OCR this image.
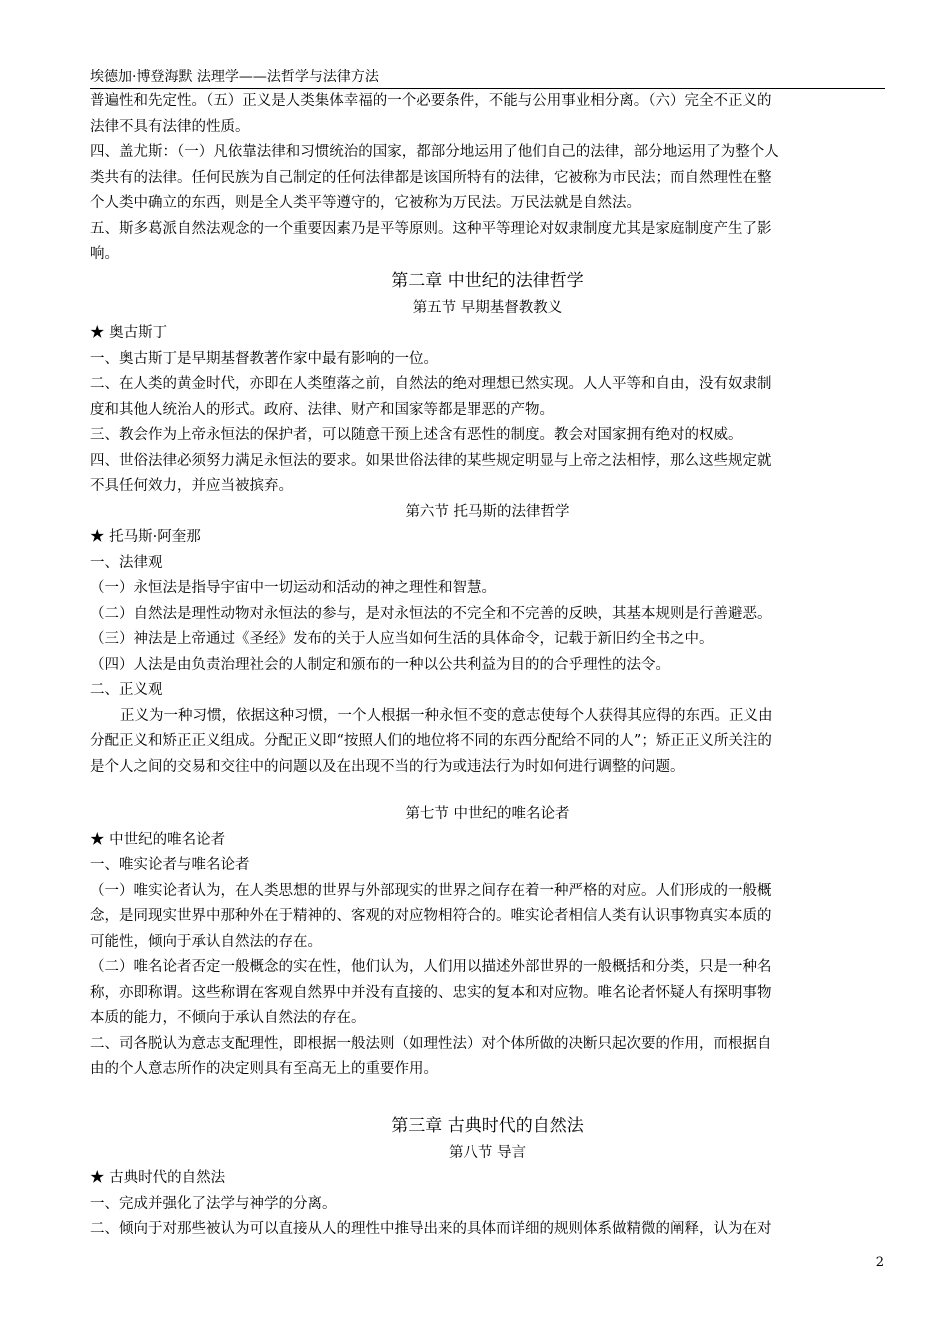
埃德加·博登海默 法理学——法哲学与法律方法
普遍性和先定性。（五）正义是人类集体幸福的一个必要条件，不能与公用事业相分离。（六）完全不正义的
法律不具有法律的性质。
四、盖尤斯：（一）凡依靠法律和习惯统治的国家，都部分地运用了他们自己的法律，部分地运用了为整个人
类共有的法律。任何民族为自己制定的任何法律都是该国所特有的法律，它被称为市民法；而自然理性在整
个人类中确立的东西，则是全人类平等遵守的，它被称为万民法。万民法就是自然法。
五、斯多葛派自然法观念的一个重要因素乃是平等原则。这种平等理论对奴隶制度尤其是家庭制度产生了影
响。
第二章 中世纪的法律哲学
第五节 早期基督教教义
★ 奥古斯丁
一、奥古斯丁是早期基督教著作家中最有影响的一位。
二、在人类的黄金时代，亦即在人类堕落之前，自然法的绝对理想已然实现。人人平等和自由，没有奴隶制
度和其他人统治人的形式。政府、法律、财产和国家等都是罪恶的产物。
三、教会作为上帝永恒法的保护者，可以随意干预上述含有恶性的制度。教会对国家拥有绝对的权威。
四、世俗法律必须努力满足永恒法的要求。如果世俗法律的某些规定明显与上帝之法相悖，那么这些规定就
不具任何效力，并应当被摈弃。
第六节 托马斯的法律哲学
★ 托马斯·阿奎那
一、法律观
（一）永恒法是指导宇宙中一切运动和活动的神之理性和智慧。
（二）自然法是理性动物对永恒法的参与，是对永恒法的不完全和不完善的反映，其基本规则是行善避恶。
（三）神法是上帝通过《圣经》发布的关于人应当如何生活的具体命令，记载于新旧约全书之中。
（四）人法是由负责治理社会的人制定和颁布的一种以公共利益为目的的合乎理性的法令。
二、正义观
正义为一种习惯，依据这种习惯，一个人根据一种永恒不变的意志使每个人获得其应得的东西。正义由
分配正义和矫正正义组成。分配正义即“按照人们的地位将不同的东西分配给不同的人”；矫正正义所关注的
是个人之间的交易和交往中的问题以及在出现不当的行为或违法行为时如何进行调整的问题。
第七节 中世纪的唯名论者
★ 中世纪的唯名论者
一、唯实论者与唯名论者
（一）唯实论者认为，在人类思想的世界与外部现实的世界之间存在着一种严格的对应。人们形成的一般概
念，是同现实世界中那种外在于精神的、客观的对应物相符合的。唯实论者相信人类有认识事物真实本质的
可能性，倾向于承认自然法的存在。
（二）唯名论者否定一般概念的实在性，他们认为，人们用以描述外部世界的一般概括和分类，只是一种名
称，亦即称谓。这些称谓在客观自然界中并没有直接的、忠实的复本和对应物。唯名论者怀疑人有探明事物
本质的能力，不倾向于承认自然法的存在。
二、司各脱认为意志支配理性，即根据一般法则（如理性法）对个体所做的决断只起次要的作用，而根据自
由的个人意志所作的决定则具有至高无上的重要作用。
第三章 古典时代的自然法
第八节 导言
★ 古典时代的自然法
一、完成并强化了法学与神学的分离。
二、倾向于对那些被认为可以直接从人的理性中推导出来的具体而详细的规则体系做精微的阐释，认为在对
2
